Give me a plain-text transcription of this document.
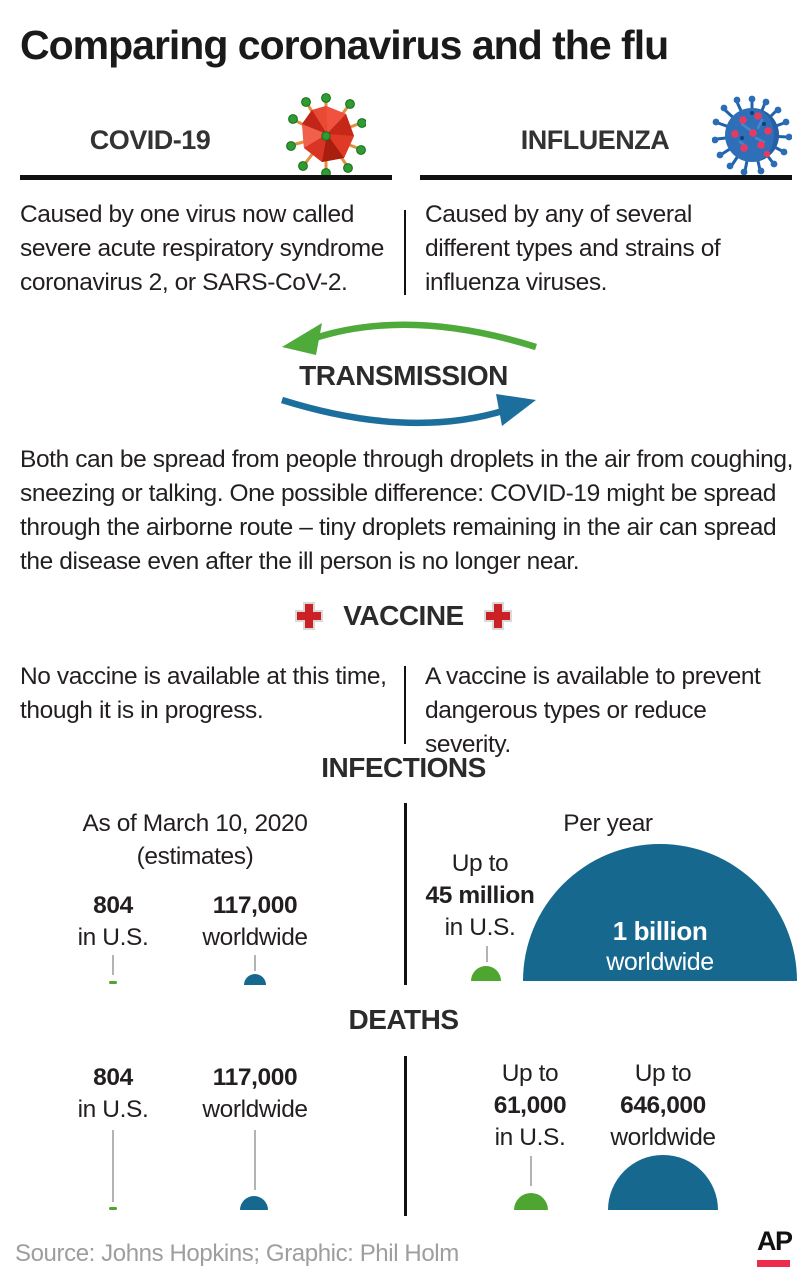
Comparing coronavirus and the flu
COVID-19	INFLUENZA
Caused by one virus now called severe acute respiratory syndrome coronavirus 2, or SARS-CoV-2.
Caused by any of several different types and strains of influenza viruses.
TRANSMISSION
Both can be spread from people through droplets in the air from coughing, sneezing or talking. One possible difference: COVID-19 might be spread through the airborne route – tiny droplets remaining in the air can spread the disease even after the ill person is no longer near.
VACCINE
No vaccine is available at this time, though it is in progress.
A vaccine is available to prevent dangerous types or reduce severity.
INFECTIONS
As of March 10, 2020
(estimates)
804
in U.S.
117,000
worldwide
Per year
Up to
45 million
in U.S.	1 billion
worldwide
DEATHS
804
in U.S.
117,000
worldwide
Up to
61,000
in U.S.
Up to
646,000
worldwide
Source: Johns Hopkins; Graphic: Phil Holm	AP
